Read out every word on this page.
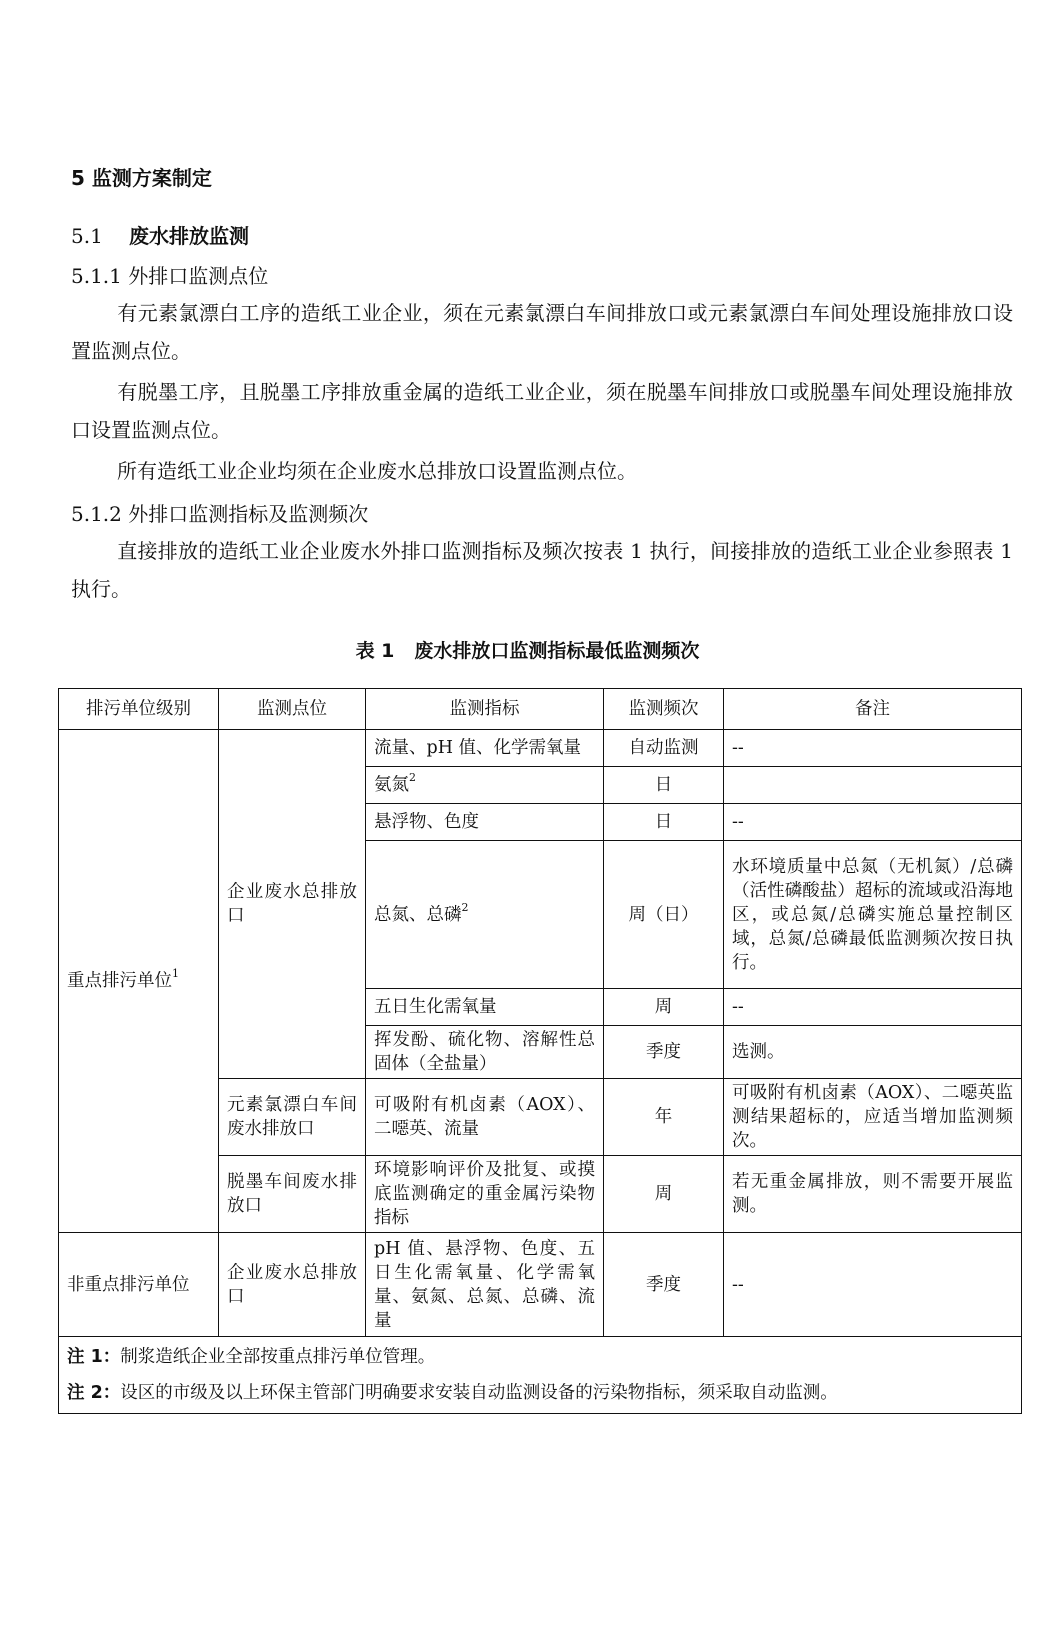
5 监测方案制定
5.1 废水排放监测
5.1.1 外排口监测点位
有元素氯漂白工序的造纸工业企业，须在元素氯漂白车间排放口或元素氯漂白车间处理设施排放口设置监测点位。
有脱墨工序，且脱墨工序排放重金属的造纸工业企业，须在脱墨车间排放口或脱墨车间处理设施排放口设置监测点位。
所有造纸工业企业均须在企业废水总排放口设置监测点位。
5.1.2 外排口监测指标及监测频次
直接排放的造纸工业企业废水外排口监测指标及频次按表 1 执行，间接排放的造纸工业企业参照表 1 执行。
表 1 废水排放口监测指标最低监测频次
排污单位级别	监测点位	监测指标	监测频次	备注
重点排污单位$^1$	企业废水总排放口	流量、pH 值、化学需氧量	自动监测	--
		氨氮$^2$	日	
		悬浮物、色度	日	--
		总氮、总磷$^2$	周（日）	水环境质量中总氮（无机氮）/总磷（活性磷酸盐）超标的流域或沿海地区，或总氮/总磷实施总量控制区域，总氮/总磷最低监测频次按日执行。
		五日生化需氧量	周	--
		挥发酚、硫化物、溶解性总固体（全盐量）	季度	选测。
	元素氯漂白车间废水排放口	可吸附有机卤素（AOX）、二噁英、流量	年	可吸附有机卤素（AOX）、二噁英监测结果超标的，应适当增加监测频次。
	脱墨车间废水排放口	环境影响评价及批复、或摸底监测确定的重金属污染物指标	周	若无重金属排放，则不需要开展监测。
非重点排污单位	企业废水总排放口	pH 值、悬浮物、色度、五日生化需氧量、化学需氧量、氨氮、总氮、总磷、流量	季度	--

注 1：制浆造纸企业全部按重点排污单位管理。
注 2：设区的市级及以上环保主管部门明确要求安装自动监测设备的污染物指标，须采取自动监测。				
